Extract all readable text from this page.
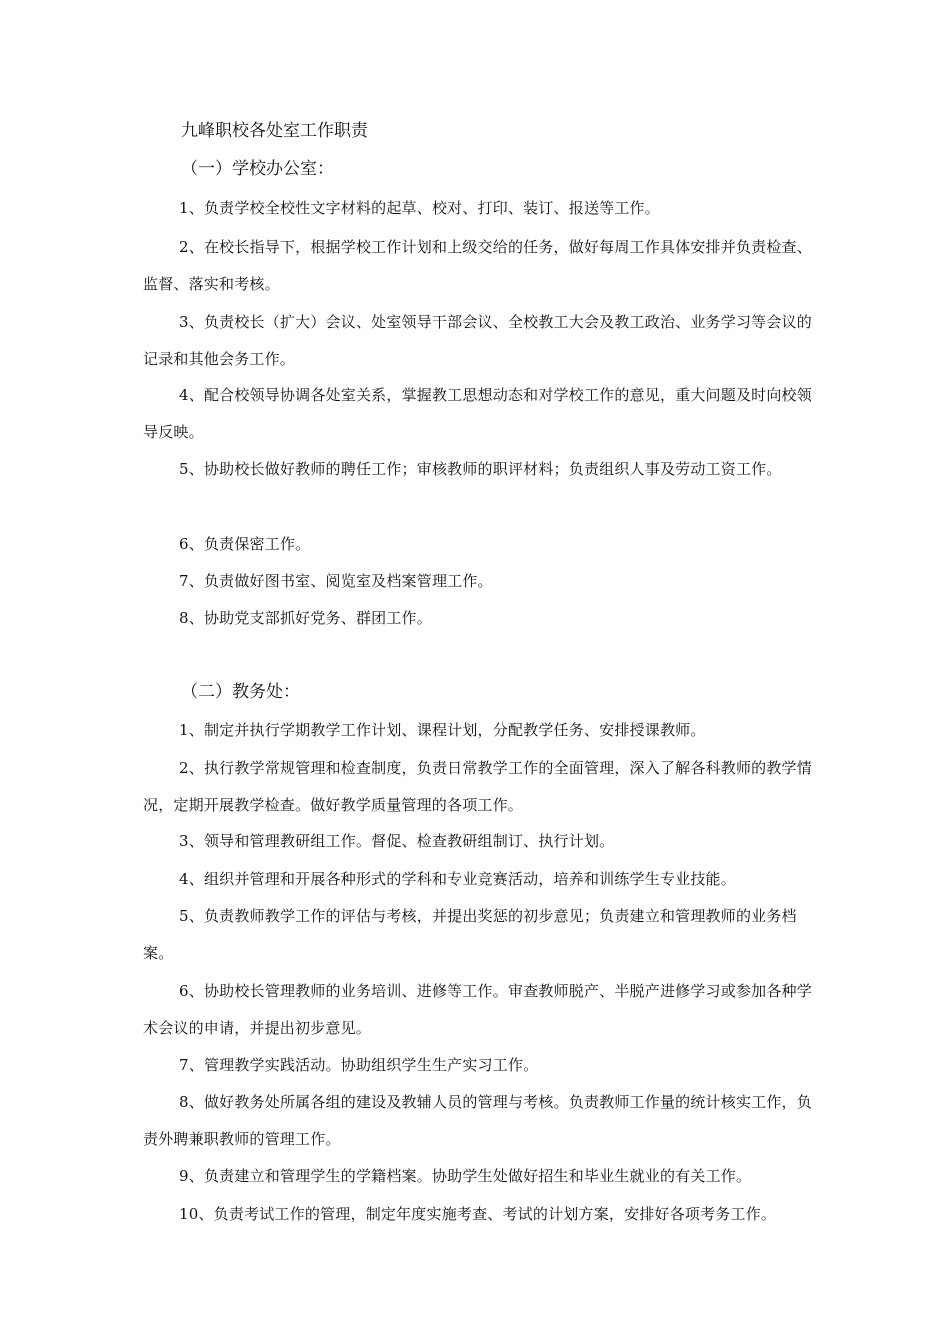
九峰职校各处室工作职责
（一）学校办公室：

1、负责学校全校性文字材料的起草、校对、打印、装订、报送等工作。

2、在校长指导下，根据学校工作计划和上级交给的任务，做好每周工作具体安排并负责检查、监督、落实和考核。

3、负责校长（扩大）会议、处室领导干部会议、全校教工大会及教工政治、业务学习等会议的记录和其他会务工作。

4、配合校领导协调各处室关系，掌握教工思想动态和对学校工作的意见，重大问题及时向校领导反映。

5、协助校长做好教师的聘任工作；审核教师的职评材料；负责组织人事及劳动工资工作。

6、负责保密工作。

7、负责做好图书室、阅览室及档案管理工作。

8、协助党支部抓好党务、群团工作。

（二）教务处：

1、制定并执行学期教学工作计划、课程计划，分配教学任务、安排授课教师。

2、执行教学常规管理和检查制度，负责日常教学工作的全面管理，深入了解各科教师的教学情况，定期开展教学检查。做好教学质量管理的各项工作。

3、领导和管理教研组工作。督促、检查教研组制订、执行计划。

4、组织并管理和开展各种形式的学科和专业竞赛活动，培养和训练学生专业技能。

5、负责教师教学工作的评估与考核，并提出奖惩的初步意见；负责建立和管理教师的业务档案。

6、协助校长管理教师的业务培训、进修等工作。审查教师脱产、半脱产进修学习或参加各种学术会议的申请，并提出初步意见。

7、管理教学实践活动。协助组织学生生产实习工作。

8、做好教务处所属各组的建设及教辅人员的管理与考核。负责教师工作量的统计核实工作，负责外聘兼职教师的管理工作。

9、负责建立和管理学生的学籍档案。协助学生处做好招生和毕业生就业的有关工作。

10、负责考试工作的管理，制定年度实施考查、考试的计划方案，安排好各项考务工作。
